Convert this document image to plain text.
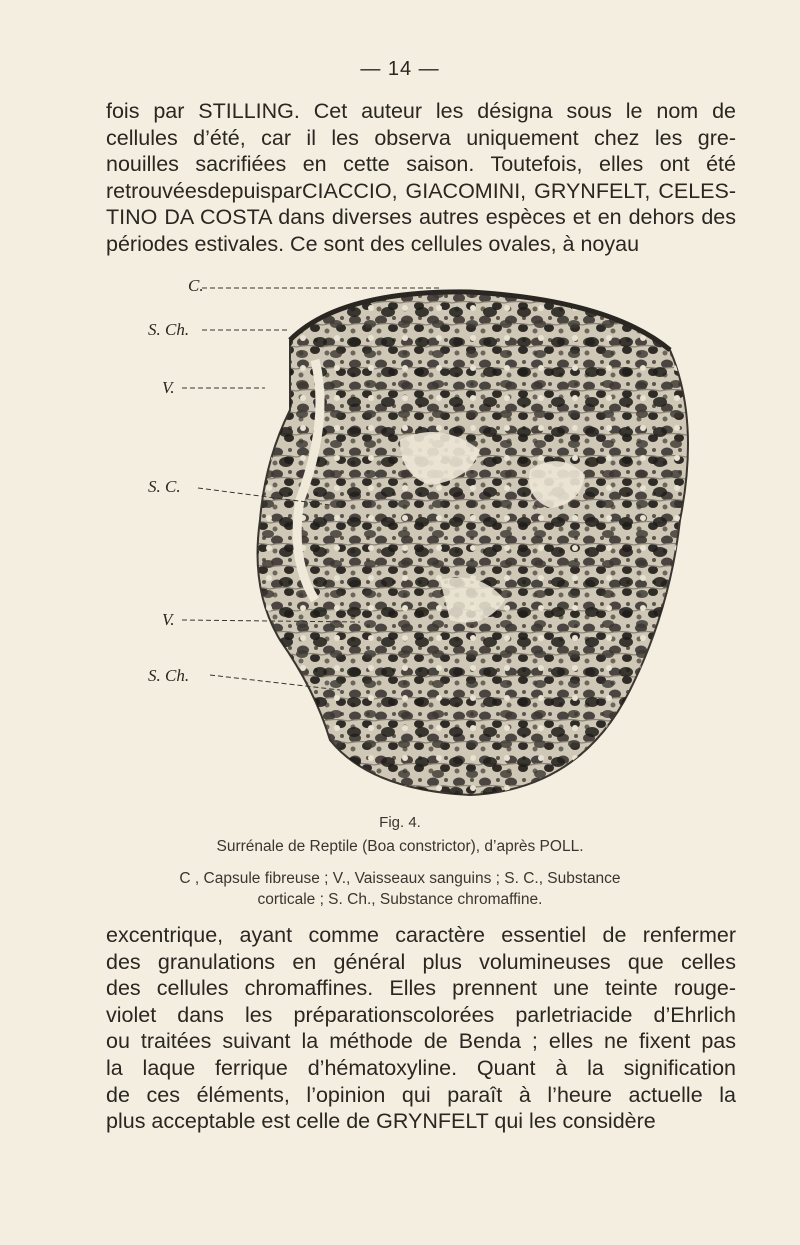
— 14 —

fois par STILLING. Cet auteur les désigna sous le nom de
cellules d’été, car il les observa uniquement chez les gre-
nouilles sacrifiées en cette saison. Toutefois, elles ont été
retrouvéesdepuisparCIACCIO, GIACOMINI, GRYNFELT, CELES-
TINO DA COSTA dans diverses autres espèces et en dehors des
périodes estivales. Ce sont des cellules ovales, à noyau

C.
S. Ch.
V.
S. C.
V.
S. Ch.
Fig. 4.
Surrénale de Reptile (Boa constrictor), d’après POLL.
C , Capsule fibreuse ; V., Vaisseaux sanguins ; S. C., Substance
corticale ; S. Ch., Substance chromaffine.

excentrique, ayant comme caractère essentiel de renfermer
des granulations en général plus volumineuses que celles
des cellules chromaffines. Elles prennent une teinte rouge-
violet dans les préparationscolorées parletriacide d’Ehrlich
ou traitées suivant la méthode de Benda ; elles ne fixent pas
la laque ferrique d’hématoxyline. Quant à la signification
de ces éléments, l’opinion qui paraît à l’heure actuelle la
plus acceptable est celle de GRYNFELT qui les considère
